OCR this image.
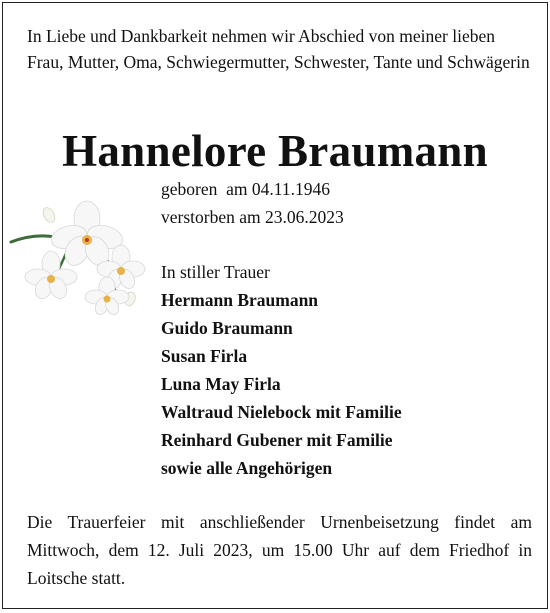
In Liebe und Dankbarkeit nehmen wir Abschied von meiner lieben Frau, Mutter, Oma, Schwiegermutter, Schwester, Tante und Schwägerin

Hannelore Braumann
geboren  am 04.11.1946
verstorben am 23.06.2023
In stiller Trauer
Hermann Braumann
Guido Braumann
Susan Firla
Luna May Firla
Waltraud Nielebock mit Familie
Reinhard Gubener mit Familie
sowie alle Angehörigen

Die Trauerfeier mit anschließender Urnenbeisetzung findet am Mittwoch, dem 12. Juli 2023, um 15.00 Uhr auf dem Friedhof in Loitsche statt.
